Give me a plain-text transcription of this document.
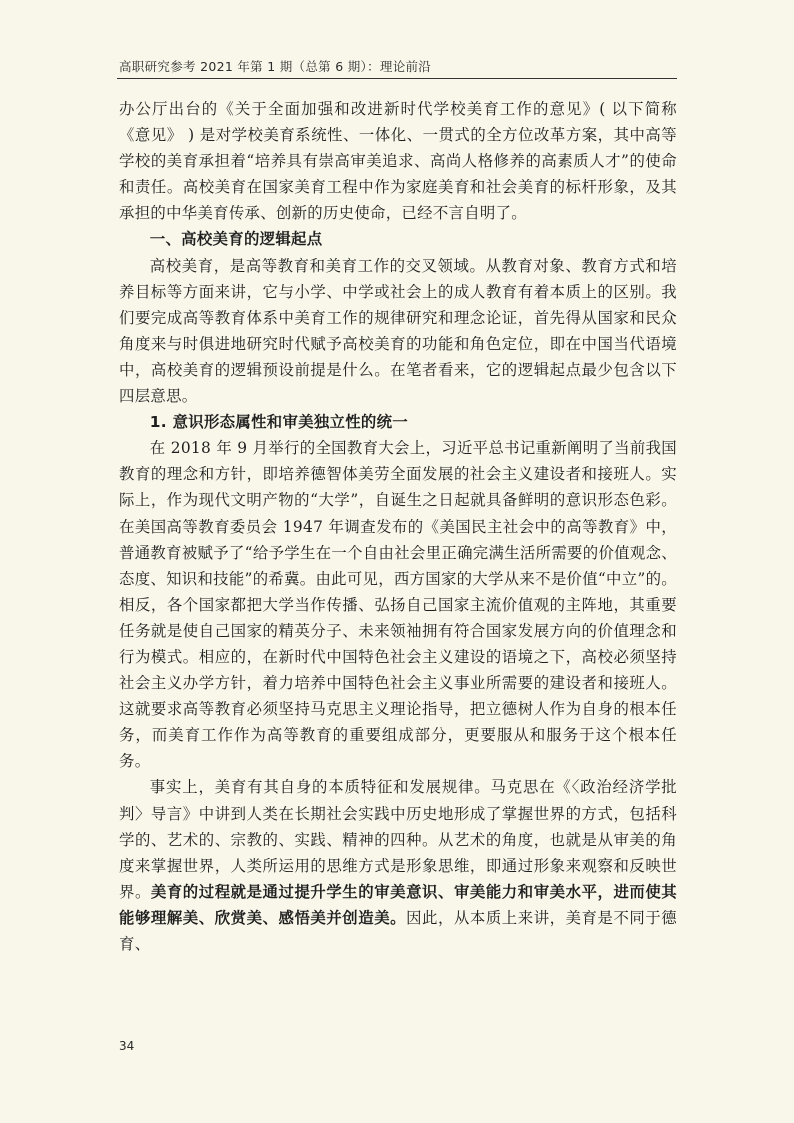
高职研究参考 2021 年第 1 期（总第 6 期）：理论前沿

办公厅出台的《关于全面加强和改进新时代学校美育工作的意见》( 以下简称《意见》 ) 是对学校美育系统性、一体化、一贯式的全方位改革方案，其中高等学校的美育承担着“培养具有崇高审美追求、高尚人格修养的高素质人才”的使命和责任。高校美育在国家美育工程中作为家庭美育和社会美育的标杆形象，及其承担的中华美育传承、创新的历史使命，已经不言自明了。

一、高校美育的逻辑起点

高校美育，是高等教育和美育工作的交叉领域。从教育对象、教育方式和培养目标等方面来讲，它与小学、中学或社会上的成人教育有着本质上的区别。我们要完成高等教育体系中美育工作的规律研究和理念论证，首先得从国家和民众角度来与时俱进地研究时代赋予高校美育的功能和角色定位，即在中国当代语境中，高校美育的逻辑预设前提是什么。在笔者看来，它的逻辑起点最少包含以下四层意思。

1. 意识形态属性和审美独立性的统一

在 2018 年 9 月举行的全国教育大会上，习近平总书记重新阐明了当前我国教育的理念和方针，即培养德智体美劳全面发展的社会主义建设者和接班人。实际上，作为现代文明产物的“大学”，自诞生之日起就具备鲜明的意识形态色彩。在美国高等教育委员会 1947 年调查发布的《美国民主社会中的高等教育》中，普通教育被赋予了“给予学生在一个自由社会里正确完满生活所需要的价值观念、态度、知识和技能”的希冀。由此可见，西方国家的大学从来不是价值“中立”的。相反，各个国家都把大学当作传播、弘扬自己国家主流价值观的主阵地，其重要任务就是使自己国家的精英分子、未来领袖拥有符合国家发展方向的价值理念和行为模式。相应的，在新时代中国特色社会主义建设的语境之下，高校必须坚持社会主义办学方针，着力培养中国特色社会主义事业所需要的建设者和接班人。这就要求高等教育必须坚持马克思主义理论指导，把立德树人作为自身的根本任务，而美育工作作为高等教育的重要组成部分，更要服从和服务于这个根本任务。

事实上，美育有其自身的本质特征和发展规律。马克思在《〈政治经济学批判〉导言》中讲到人类在长期社会实践中历史地形成了掌握世界的方式，包括科学的、艺术的、宗教的、实践、精神的四种。从艺术的角度，也就是从审美的角度来掌握世界，人类所运用的思维方式是形象思维，即通过形象来观察和反映世界。美育的过程就是通过提升学生的审美意识、审美能力和审美水平，进而使其能够理解美、欣赏美、感悟美并创造美。因此，从本质上来讲，美育是不同于德育、

34
